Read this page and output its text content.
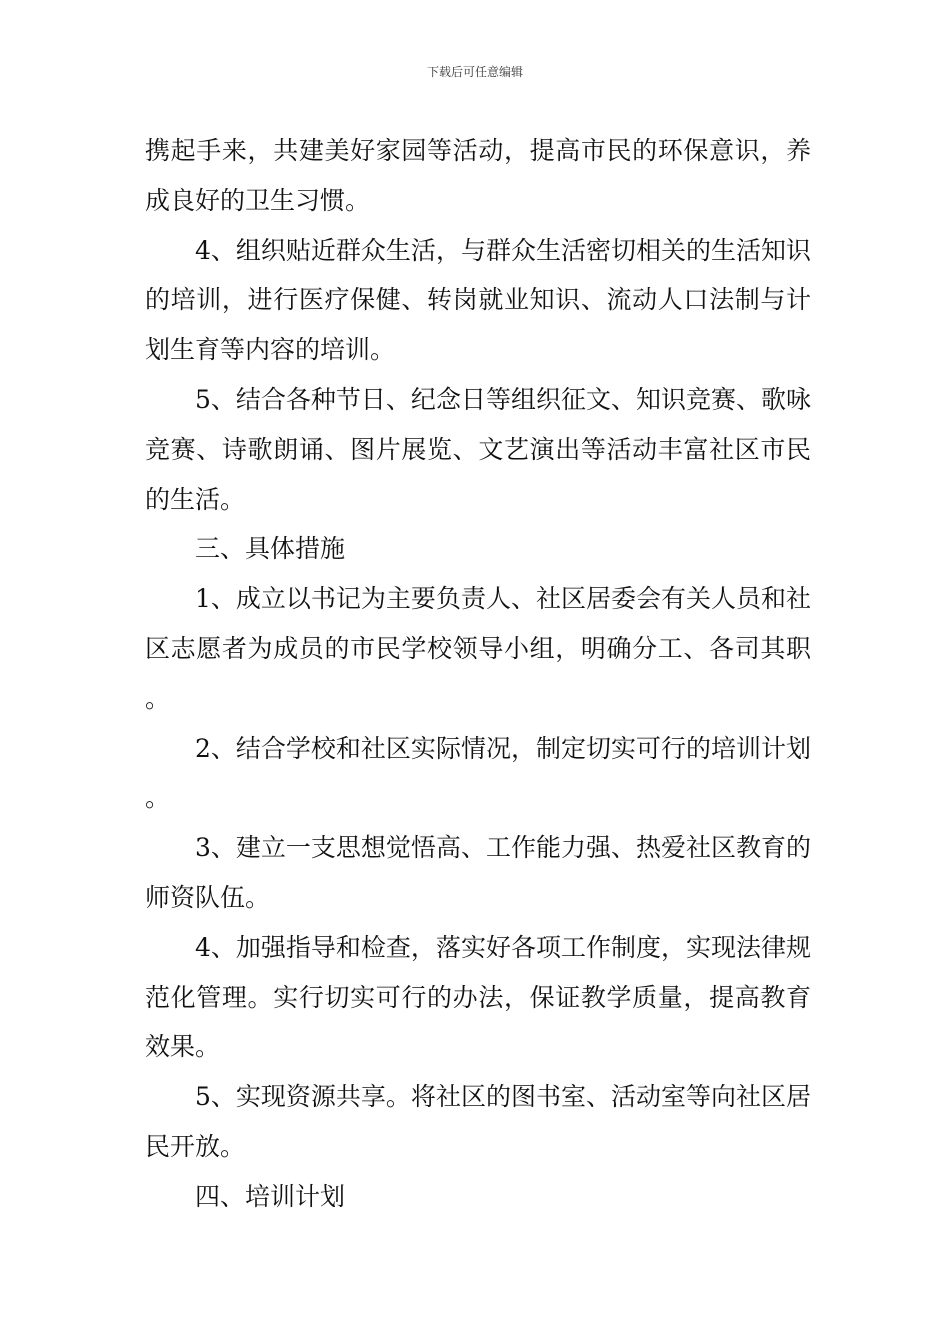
下载后可任意编辑

携起手来，共建美好家园等活动，提高市民的环保意识，养成良好的卫生习惯。

4、组织贴近群众生活，与群众生活密切相关的生活知识的培训，进行医疗保健、转岗就业知识、流动人口法制与计划生育等内容的培训。

5、结合各种节日、纪念日等组织征文、知识竞赛、歌咏竞赛、诗歌朗诵、图片展览、文艺演出等活动丰富社区市民的生活。

三、具体措施

1、成立以书记为主要负责人、社区居委会有关人员和社区志愿者为成员的市民学校领导小组，明确分工、各司其职。

2、结合学校和社区实际情况，制定切实可行的培训计划。

3、建立一支思想觉悟高、工作能力强、热爱社区教育的师资队伍。

4、加强指导和检查，落实好各项工作制度，实现法律规范化管理。实行切实可行的办法，保证教学质量，提高教育效果。

5、实现资源共享。将社区的图书室、活动室等向社区居民开放。

四、培训计划
